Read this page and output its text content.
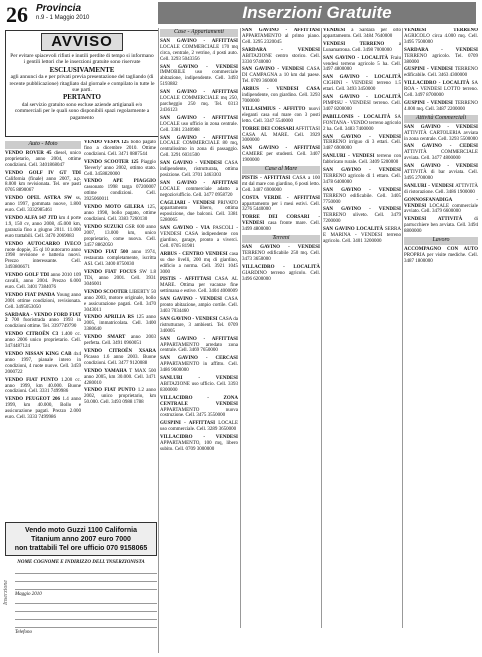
26 Provincia
n.9 - 1 Maggio 2010	Inserzioni Gratuite
AVVISO

Per evitare spiacevoli rifiuti e inutili perdite di tempo si informano i gentili lettori che le inserzioni gratuite sono riservate

ESCLUSIVAMENTE

agli annunci da e per privati previa presentazione del tagliando (di recente pubblicazione) ritagliato dal giornale e compilato in tutte le sue parti.

PERTANTO

dal servizio gratuito sono escluse aziende artigianali e/o commerciali per le quali sono disponibili spazi regolarmente a pagamento

Auto - Moto
VENDO ROVER 45 diesel, unico proprietario, anno 2004, ottime condizioni. Cell. 3401868047
VENDO GOLF IV GT TDI California (finale) anno 2007, a.p. 8.000 km revisionata. Tel. ore pasti 0705 8890067
VENDO OPEL ASTRA SW ss, anno 1997, gommata nuove, 1.800 euro. Cell. 3332985461
VENDO ALFA 147 JTD km 4 porte 1.9, 150 cv, anno 2008, 45.000 km, garanzia fino a giugno 2011. 11.000 euro trattabili. Cell. 3470 2069083
VENDO AUTOCARRO IVECO ruote doppie, 35 ql 10 autocarro anno 1998 revisione e batteria nuovi. Prezzo interessante. Cell. 3493806671
VENDO GOLF TDI anno 2010 109 cavalli, anno 2004. Prezzo 6.000 euro. Cell. 3401 7384076
VENDO FIAT PANDA Young anno 2001 ottime condizioni, revisionata. Cell. 3495053050
SARDARA - VENDO FORD FIAT 2 700 fuoristrada anno 1993 in condizioni ottime. Tel. 3397749790
VENDO CITROËN C3 1.400 cc. anno 2006 unico proprietario. Cell. 3474487124
VENDO NISSAN KING CAB 4x4 anno 1997, pianale intero in condizioni, 4 ruote nuove. Cell. 3459 2000722
VENDO FIAT PUNTO 1.200 cc. anno 1999, km 40.000. Buone condizioni. Cell. 3331 7499986
VENDO PEUGEOT 206 1.4 anno 1999, km 40.000, Bollo e assicurazione pagati. Prezzo 2.000 euro. Cell. 3333 7499986
VENDO VESPA 125 bollo pagato fino a dicembre 2010. Ottime condizioni. Cell. 3471 0887544
VENDO SCOOTER 125 Piaggio 'Beverly' anno 2002, ottimo stato. Cell. 3458820000
VENDO APE PIAGGIO cassonato 1998 targa 07200007 ottime condizioni. Cell. 3925060011
VENDO MOTO GILERA 125, anno 1998, bollo pagato, ottime condizioni. Cell. 3383 7260130
VENDO SUZUKI GSR 600 anno 2007, 13.000 km, unico proprietario, come nuova. Cell. 3457 8862050
VENDO FIAT 500 anno 1974, restaurata completamente, iscritta ASI. Cell. 3400 8750030
VENDO FIAT FOCUS SW 1.8 TDi, anno 2001. Cell. 3931 3046001
VENDO SCOOTER LIBERTY 50 anno 2003, motore originale, bollo e assicurazione pagati. Cell. 3470 3043011
VENDO APRILIA RS 125 anno 2005, immatricolata. Cell. 3400 3380640
VENDO SMART anno 2003 perfetta. Cell. 3491 0960051
VENDO CITROËN XSARA Picasso 1.6 anno 2003. Buone condizioni. Cell. 3477 9120088
VENDO YAMAHA T MAX 500 anno 2005, km 30.000. Cell. 3471 4280010
VENDO FIAT PUNTO 1.2 anno 2002, unico proprietario, km 50.000. Cell. 3493 0988 1788
Case - Appartamenti
SAN GAVINO - AFFITTASI LOCALE COMMERCIALE 170 mq circa, centrale, 2 vetrine, 4 posti auto. Cell. 3293 5043356
SAN GAVINO - VENDESI IMMOBILE uso commerciale abitazione, indipendente. Cell. 3493 5193882
SAN GAVINO - AFFITTASI LOCALE COMMERCIALE mq 250, parcheggio 250 mq. Tel. 0313 2436123
SAN GAVINO - AFFITTASI LOCALE uso ufficio in zona centrale. Cell. 3381 2340988
SAN GAVINO - AFFITTASI LOCALE COMMERCIALE 80 mq, centralissimo in zona di passaggio. Cell. 3291 6031500
SAN GAVINO - VENDESI CASA indipendente, ristrutturata, ottima posizione. Cell. 3701 3463303
SAN GAVINO - AFFITTASI LOCALE commerciale adatto a negozio/ufficio. Cell. 3477 0958720
CAGLIARI - VENDESI PRIVATO appartamento libero, ottima esposizione, due balconi. Cell. 3381 5280065
SAN GAVINO - VIA PASCOLI - VENDESI CASA indipendente con giardino, garage, pronto a viverci. Cell. 0705 81981
ARBUS - CENTRO VENDESI casa su due livelli, 200 mq di giardino, edificio a norma. Cell. 3921 1045 3000
PISTIS - AFFITTASI CASA AL MARE. Ottima per vacanze fine settimana e estive. Cell. 3404 4000009
SAN GAVINO - VENDESI CASA pronto abitazione, ampio cortile. Cell. 3403 7034460
SAN GAVINO - VENDESI CASA da ristrutturare, 3 ambienti. Tel. 0709 340005
SAN GAVINO - AFFITTASI APPARTAMENTO arredato zona centrale. Cell. 3469 7650000
SAN GAVINO - CERCASI APPARTAMENTO in affitto. Cell. 3486 9600000
SANLURI - VENDESI ABITAZIONE uso ufficio. Cell. 3393 8300000
VILLACIDRO - ZONA CENTRALE VENDESI APPARTAMENTO nuova costruzione. Cell. 3475 3550000
GUSPINI - AFFITTASI LOCALE uso commerciale. Cell. 3289 3650000
VILLACIDRO - VENDESI APPARTAMENTO, 100 mq, libero subito. Cell. 0709 3000000
SAN GAVINO - AFFITTASI APPARTAMENTO al primo piano. Cell. 3295 2320045
SARDARA - VENDESI ABITAZIONE centro storico. Cell. 3330 9740000
SAN GAVINO - VENDESI CASA DI CAMPAGNA a 10 km dal paese. Tel. 0709 360000
ARBUS - VENDESI CASA indipendente, con giardino. Cell. 3293 7000000
VILLASIMIUS - AFFITTO nuovi eleganti casa sul mare con 3 posti letto. Cell. 3347 5540000
TORRE DEI CORSARI AFFITTASI CASA AL MARE. Cell. 3929 3000000
SAN GAVINO - AFFITTASI CAMERE per studenti. Cell. 3407 1900000
Case al Mare
PISTIS - AFFITTASI CASA a 100 mt dal mare con giardino, 6 posti letto. Cell. 3487 6900000
COSTA VERDE - AFFITTASI appartamento per i mesi estivi. Cell. 3276 5440000
TORRE DEI CORSARI - VENDESI casa fronte mare. Cell. 3499 4800000
Terreni
SAN GAVINO - VENDESI TERRENO edificabile 250 mq. Cell. 3473 3650000
VILLACIDRO - LOCALITÀ GIARDINO terreno agricolo. Cell. 3496 6200000
VENDESI a Sardara per orto appartamento. Cell. 3484 7640000
VENDESI TERRENO	a Lunamatrona. Cell. 3498 7000000
SAN GAVINO - LOCALITÀ Fraiu vendesi terreno agricolo 5 ha. Cell. 3497 4800000
SAN GAVINO - LOCALITÀ CIGHINI - VENDESI terreno 1.5 ettari. Cell. 3493 3450000
SAN GAVINO - LOCALITÀ PIMPISU - VENDESI terreno. Cell. 3407 8200000
PABILLONIS - LOCALITÀ SA FONTANA - VENDO terreno agricolo 2 ha. Cell. 3483 7400000
SAN GAVINO - VENDESI TERRENO irriguo di 3 ettari. Cell. 3487 6900000
SANLURI - VENDESI terreno con fabbricato rurale. Cell. 3409 5200000
SAN GAVINO - VENDESI TERRENO agricolo di 1 ettaro. Cell. 3478 6400000
SAN GAVINO - VENDESI TERRENO edificabile. Cell. 3405 7750000
SAN GAVINO - VENDESI TERRENO uliveto. Cell. 3479 7200000
SAN GAVINO LOCALITÀ SERRA E MARINA - VENDESI terreno agricolo. Cell. 3401 3200000
VENDESI TERRENO AGRICOLO circa 4.000 mq. Cell. 3495 7500000
SARDARA - VENDESI TERRENO agricolo. Tel. 0709 380000
GUSPINI - VENDESI TERRENO edificabile. Cell. 3463 4300000
VILLACIDRO - LOCALITÀ SA ROA - VENDESI LOTTO terreno. Cell. 3497 8700000
GUSPINI - VENDESI TERRENO 4.000 mq. Cell. 3487 2200000
Attività Commerciali
SAN GAVINO - VENDESI ATTIVITÀ CARTOLERIA avviata in zona centrale. Cell. 3293 5500000
SAN GAVINO - CEDESI ATTIVITÀ COMMERCIALE avviata. Cell. 3477 4800000
SAN GAVINO - VENDESI ATTIVITÀ di bar avviata. Cell. 3495 2700000
SANLURI - VENDESI ATTIVITÀ di ristorazione. Cell. 3486 1900000
GONNOSFANADIGA - VENDESI LOCALE commerciale avviato. Cell. 3479 6600000
VENDESI ATTIVITÀ di parrucchiere ben avviata. Cell. 3494 8800000
Lavoro
ACCOMPAGNO CON AUTO PROPRIA per visite mediche. Cell. 3487 1800000
Vendo moto Guzzi 1100 California
Titanium anno 2007 euro 7000
non trattabili Tel ore ufficio 070 9158065
Inserzione
NOME COGNOME E INDIRIZZO DELL'INSERZIONISTA
Maggio 2010
Telefono
